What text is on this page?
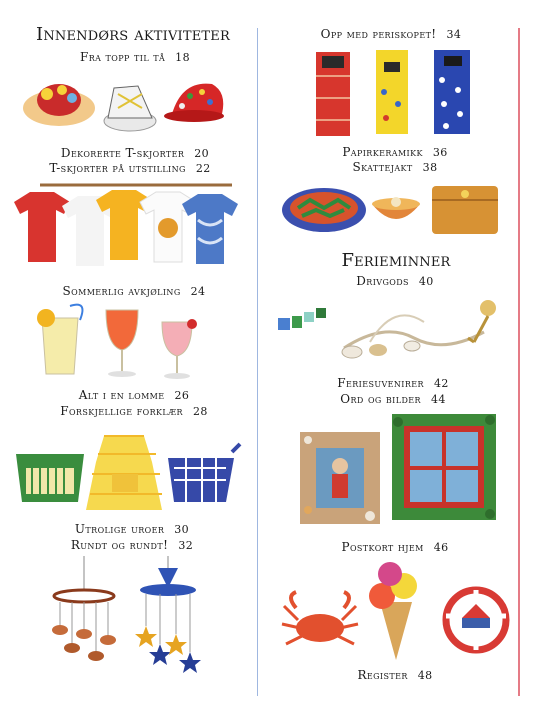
Innendørs aktiviteter
Fra topp til tå 18
Dekorerte T-skjorter 20
T-skjorter på utstilling 22
Sommerlig avkjøling 24
Alt i en lomme 26
Forskjellige forklær 28
Utrolige uroer 30
Rundt og rundt! 32
Opp med periskopet! 34
Papirkeramikk 36
Skattejakt 38
Ferieminner
Drivgods 40
Feriesuvenirer 42
Ord og bilder 44
Postkort hjem 46
Register 48
